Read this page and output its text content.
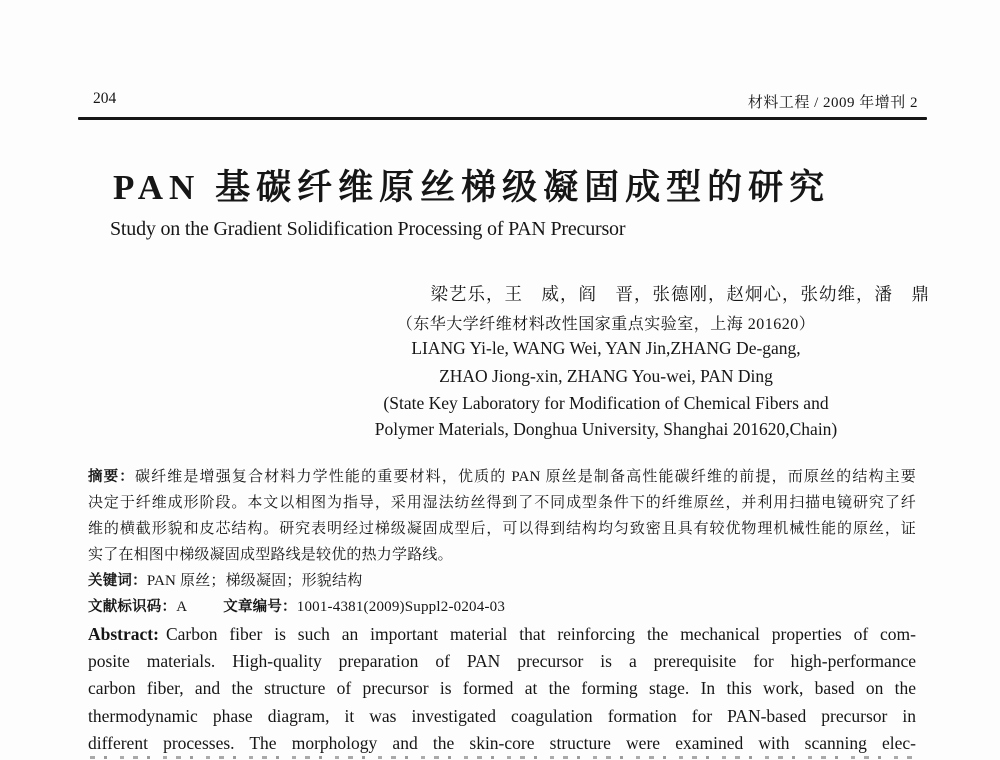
204	材料工程 / 2009 年增刊 2
PAN 基碳纤维原丝梯级凝固成型的研究
Study on the Gradient Solidification Processing of PAN Precursor
梁艺乐，王　威，阎　晋，张德刚，赵炯心，张幼维，潘　鼎
（东华大学纤维材料改性国家重点实验室，上海 201620）
LIANG Yi-le, WANG Wei, YAN Jin,ZHANG De-gang,
ZHAO Jiong-xin, ZHANG You-wei, PAN Ding
(State Key Laboratory for Modification of Chemical Fibers and
Polymer Materials, Donghua University, Shanghai 201620,Chain)
摘要：碳纤维是增强复合材料力学性能的重要材料，优质的 PAN 原丝是制备高性能碳纤维的前提，而原丝的结构主要
决定于纤维成形阶段。本文以相图为指导，采用湿法纺丝得到了不同成型条件下的纤维原丝，并利用扫描电镜研究了纤
维的横截形貌和皮芯结构。研究表明经过梯级凝固成型后，可以得到结构均匀致密且具有较优物理机械性能的原丝，证
实了在相图中梯级凝固成型路线是较优的热力学路线。
关键词：PAN 原丝；梯级凝固；形貌结构
文献标识码：A 文章编号：1001-4381(2009)Suppl2-0204-03
Abstract: Carbon fiber is such an important material that reinforcing the mechanical properties of com-
posite materials. High-quality preparation of PAN precursor is a prerequisite for high-performance
carbon fiber, and the structure of precursor is formed at the forming stage. In this work, based on the
thermodynamic phase diagram, it was investigated coagulation formation for PAN-based precursor in
different processes. The morphology and the skin-core structure were examined with scanning elec-
